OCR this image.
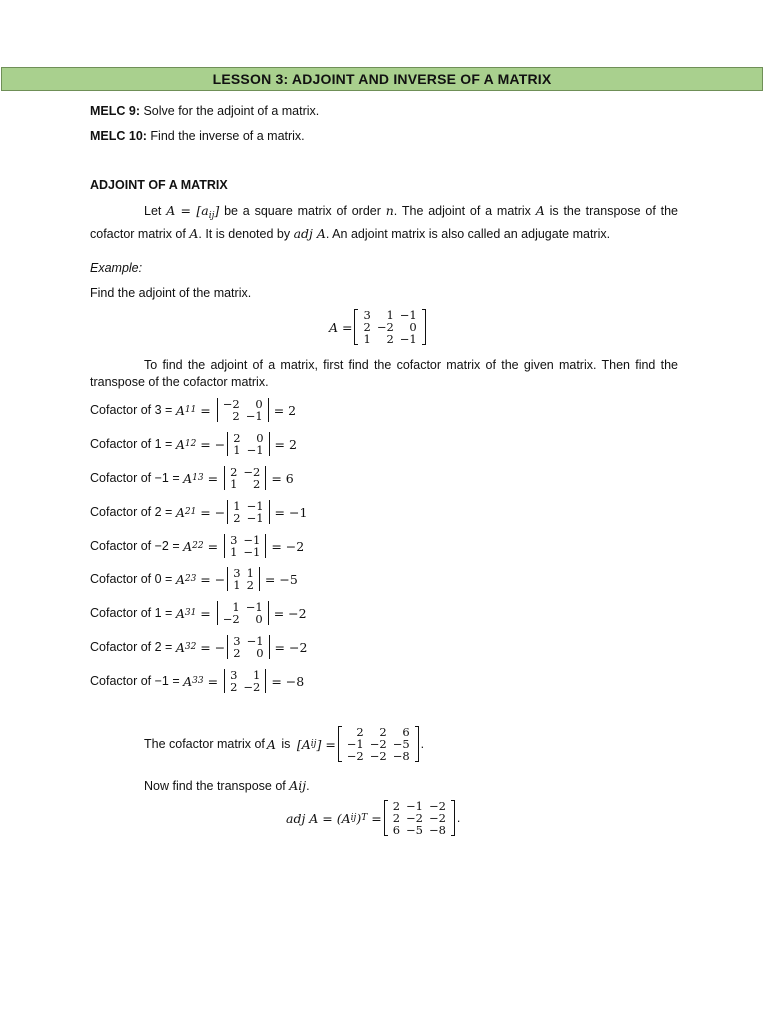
LESSON 3: ADJOINT AND INVERSE OF A MATRIX
MELC 9: Solve for the adjoint of a matrix.
MELC 10: Find the inverse of a matrix.
ADJOINT OF A MATRIX
Let $A = [a_{ij}]$ be a square matrix of order n. The adjoint of a matrix A is the transpose of the cofactor matrix of A. It is denoted by adj A. An adjoint matrix is also called an adjugate matrix.
Example:
Find the adjoint of the matrix.
A =
3	1 −1
2 −2	0
1	2 −1
To find the adjoint of a matrix, first find the cofactor matrix of the given matrix. Then find the transpose of the cofactor matrix.
Cofactor of 3 = A 11 = −2	0
2 −1 = 2
Cofactor of 1 = A 12 = − 2	0
1 −1 = 2
Cofactor of −1 = A 13 = 2 −2
1	2 = 6
Cofactor of 2 = A 21 = − 1 −1
2 −1 = −1
Cofactor of −2 = A 22 = 3 −1
1 −1 = −2
Cofactor of 0 = A 23 = − 3 1
1 2 = −5
Cofactor of 1 = A 31 =	1 −1
−2	0 = −2
Cofactor of 2 = A 32 = − 3 −1
2	0 = −2
Cofactor of −1 = A 33 = 3	1
2 −2 = −8
The cofactor matrix of A is [A ij ] =
2	2	6
−1 −2 −5
−2 −2 −8
.
Now find the transpose of Aij.
adj A = (A ij ) T =
2 −1 −2
2 −2 −2
6 −5 −8
.
